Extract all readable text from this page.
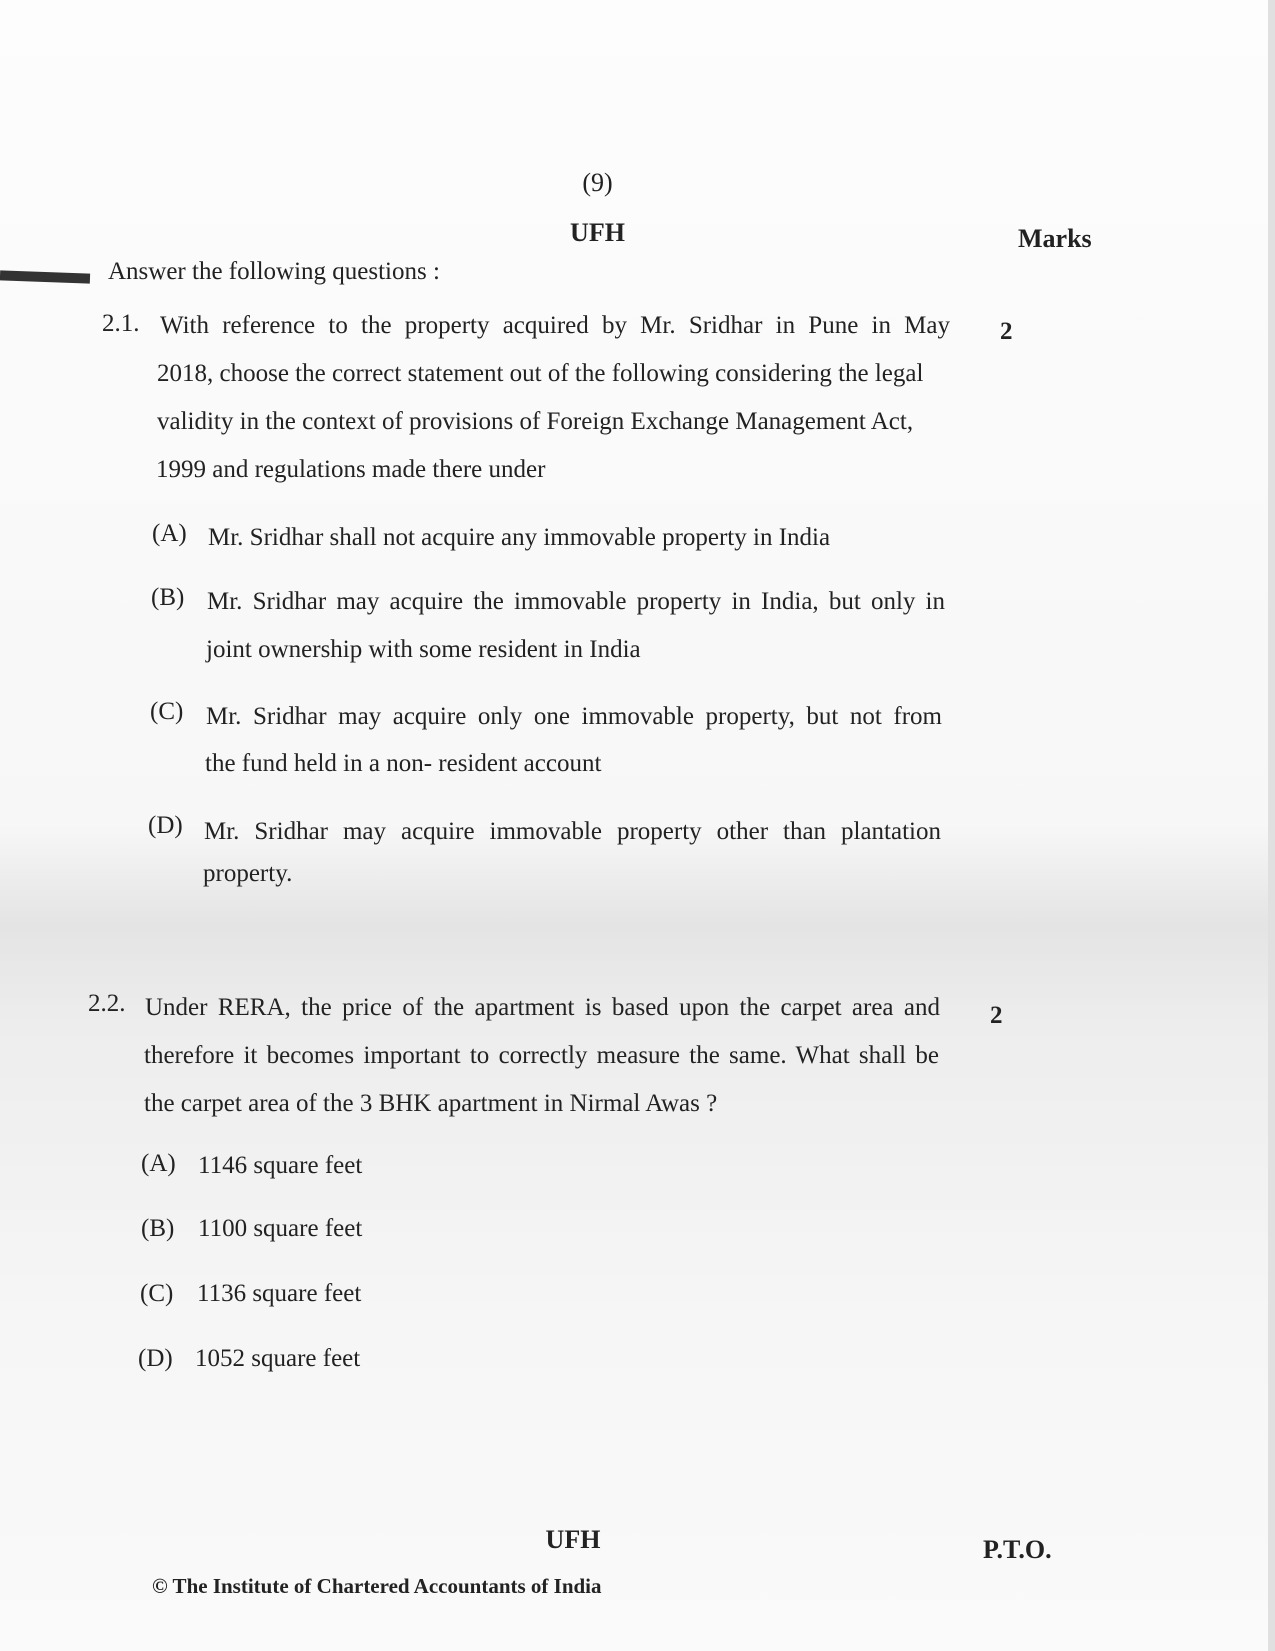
(9)
UFH	Marks
Answer the following questions :
2.1. With reference to the property acquired by Mr. Sridhar in Pune in May
2018, choose the correct statement out of the following considering the legal
validity in the context of provisions of Foreign Exchange Management Act,
1999 and regulations made there under
2
(A) Mr. Sridhar shall not acquire any immovable property in India
(B) Mr. Sridhar may acquire the immovable property in India, but only in
joint ownership with some resident in India
(C) Mr. Sridhar may acquire only one immovable property, but not from
the fund held in a non- resident account
(D) Mr. Sridhar may acquire immovable property other than plantation
property.
2.2. Under RERA, the price of the apartment is based upon the carpet area and
therefore it becomes important to correctly measure the same. What shall be
the carpet area of the 3 BHK apartment in Nirmal Awas ?
2
(A) 1146 square feet
(B) 1100 square feet
(C) 1136 square feet
(D) 1052 square feet
UFH	P.T.O.
© The Institute of Chartered Accountants of India
